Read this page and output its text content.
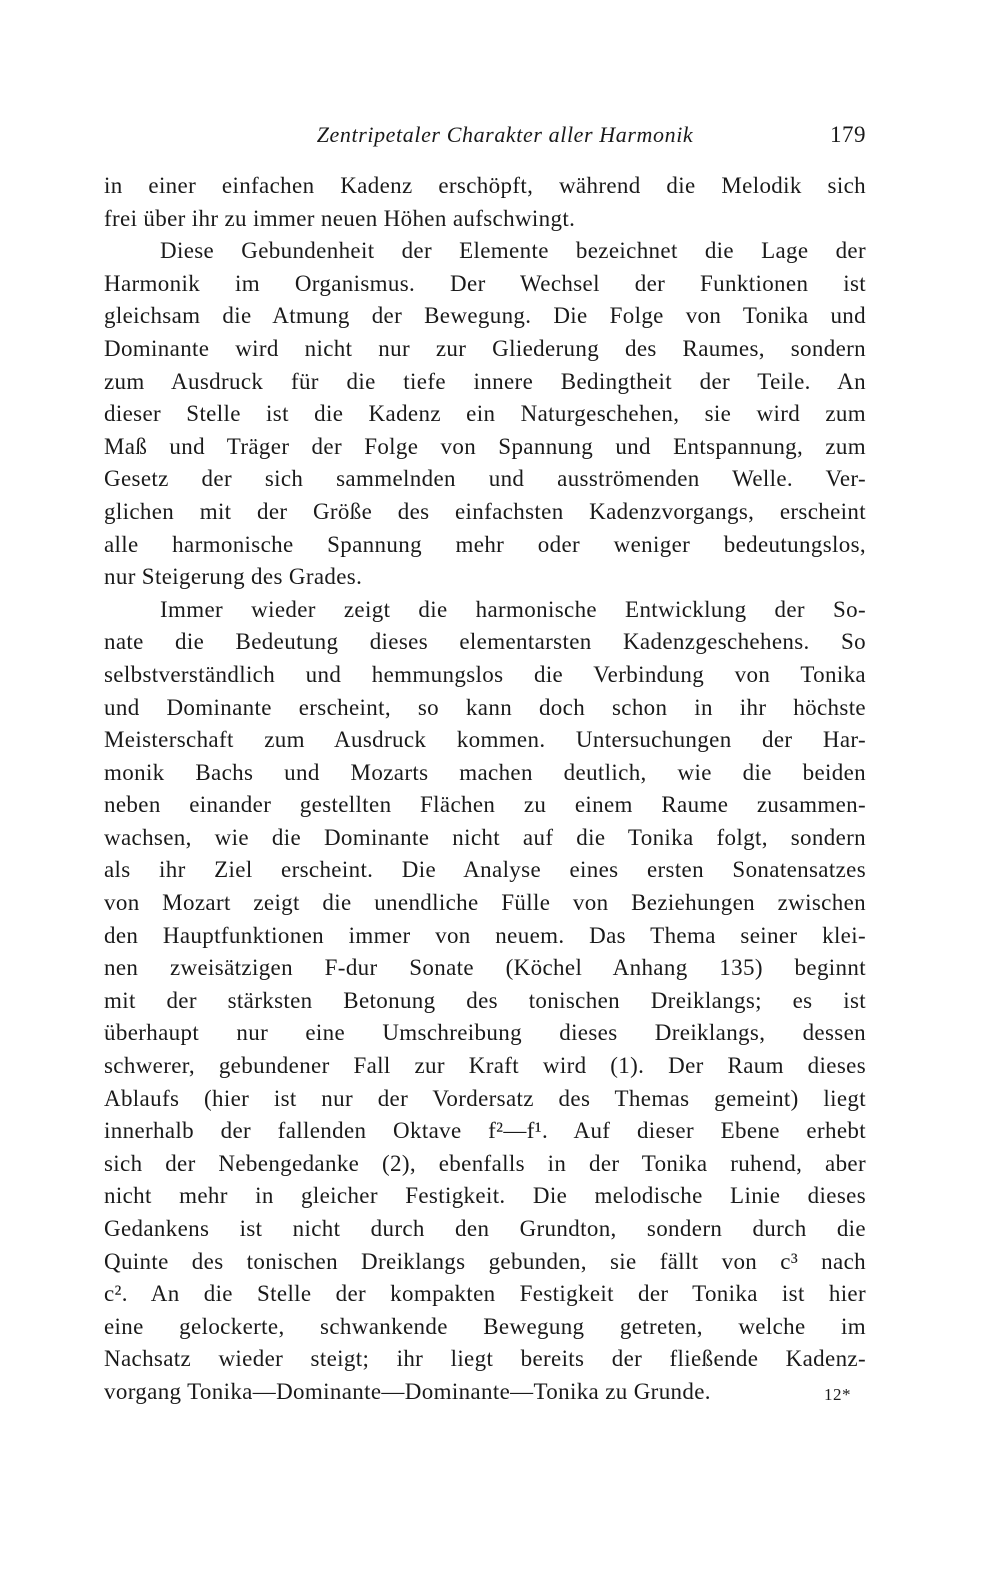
Zentripetaler Charakter aller Harmonik	179
in einer einfachen Kadenz erschöpft, während die Melodik sich
frei über ihr zu immer neuen Höhen aufschwingt.
Diese Gebundenheit der Elemente bezeichnet die Lage der
Harmonik im Organismus. Der Wechsel der Funktionen ist
gleichsam die Atmung der Bewegung. Die Folge von Tonika und
Dominante wird nicht nur zur Gliederung des Raumes, sondern
zum Ausdruck für die tiefe innere Bedingtheit der Teile. An
dieser Stelle ist die Kadenz ein Naturgeschehen, sie wird zum
Maß und Träger der Folge von Spannung und Entspannung, zum
Gesetz der sich sammelnden und ausströmenden Welle. Ver-
glichen mit der Größe des einfachsten Kadenzvorgangs, erscheint
alle harmonische Spannung mehr oder weniger bedeutungslos,
nur Steigerung des Grades.
Immer wieder zeigt die harmonische Entwicklung der So-
nate die Bedeutung dieses elementarsten Kadenzgeschehens. So
selbstverständlich und hemmungslos die Verbindung von Tonika
und Dominante erscheint, so kann doch schon in ihr höchste
Meisterschaft zum Ausdruck kommen. Untersuchungen der Har-
monik Bachs und Mozarts machen deutlich, wie die beiden
neben einander gestellten Flächen zu einem Raume zusammen-
wachsen, wie die Dominante nicht auf die Tonika folgt, sondern
als ihr Ziel erscheint. Die Analyse eines ersten Sonatensatzes
von Mozart zeigt die unendliche Fülle von Beziehungen zwischen
den Hauptfunktionen immer von neuem. Das Thema seiner klei-
nen zweisätzigen F-dur Sonate (Köchel Anhang 135) beginnt
mit der stärksten Betonung des tonischen Dreiklangs; es ist
überhaupt nur eine Umschreibung dieses Dreiklangs, dessen
schwerer, gebundener Fall zur Kraft wird (1). Der Raum dieses
Ablaufs (hier ist nur der Vordersatz des Themas gemeint) liegt
innerhalb der fallenden Oktave f²—f¹. Auf dieser Ebene erhebt
sich der Nebengedanke (2), ebenfalls in der Tonika ruhend, aber
nicht mehr in gleicher Festigkeit. Die melodische Linie dieses
Gedankens ist nicht durch den Grundton, sondern durch die
Quinte des tonischen Dreiklangs gebunden, sie fällt von c³ nach
c². An die Stelle der kompakten Festigkeit der Tonika ist hier
eine gelockerte, schwankende Bewegung getreten, welche im
Nachsatz wieder steigt; ihr liegt bereits der fließende Kadenz-
vorgang Tonika—Dominante—Dominante—Tonika zu Grunde.	12*
